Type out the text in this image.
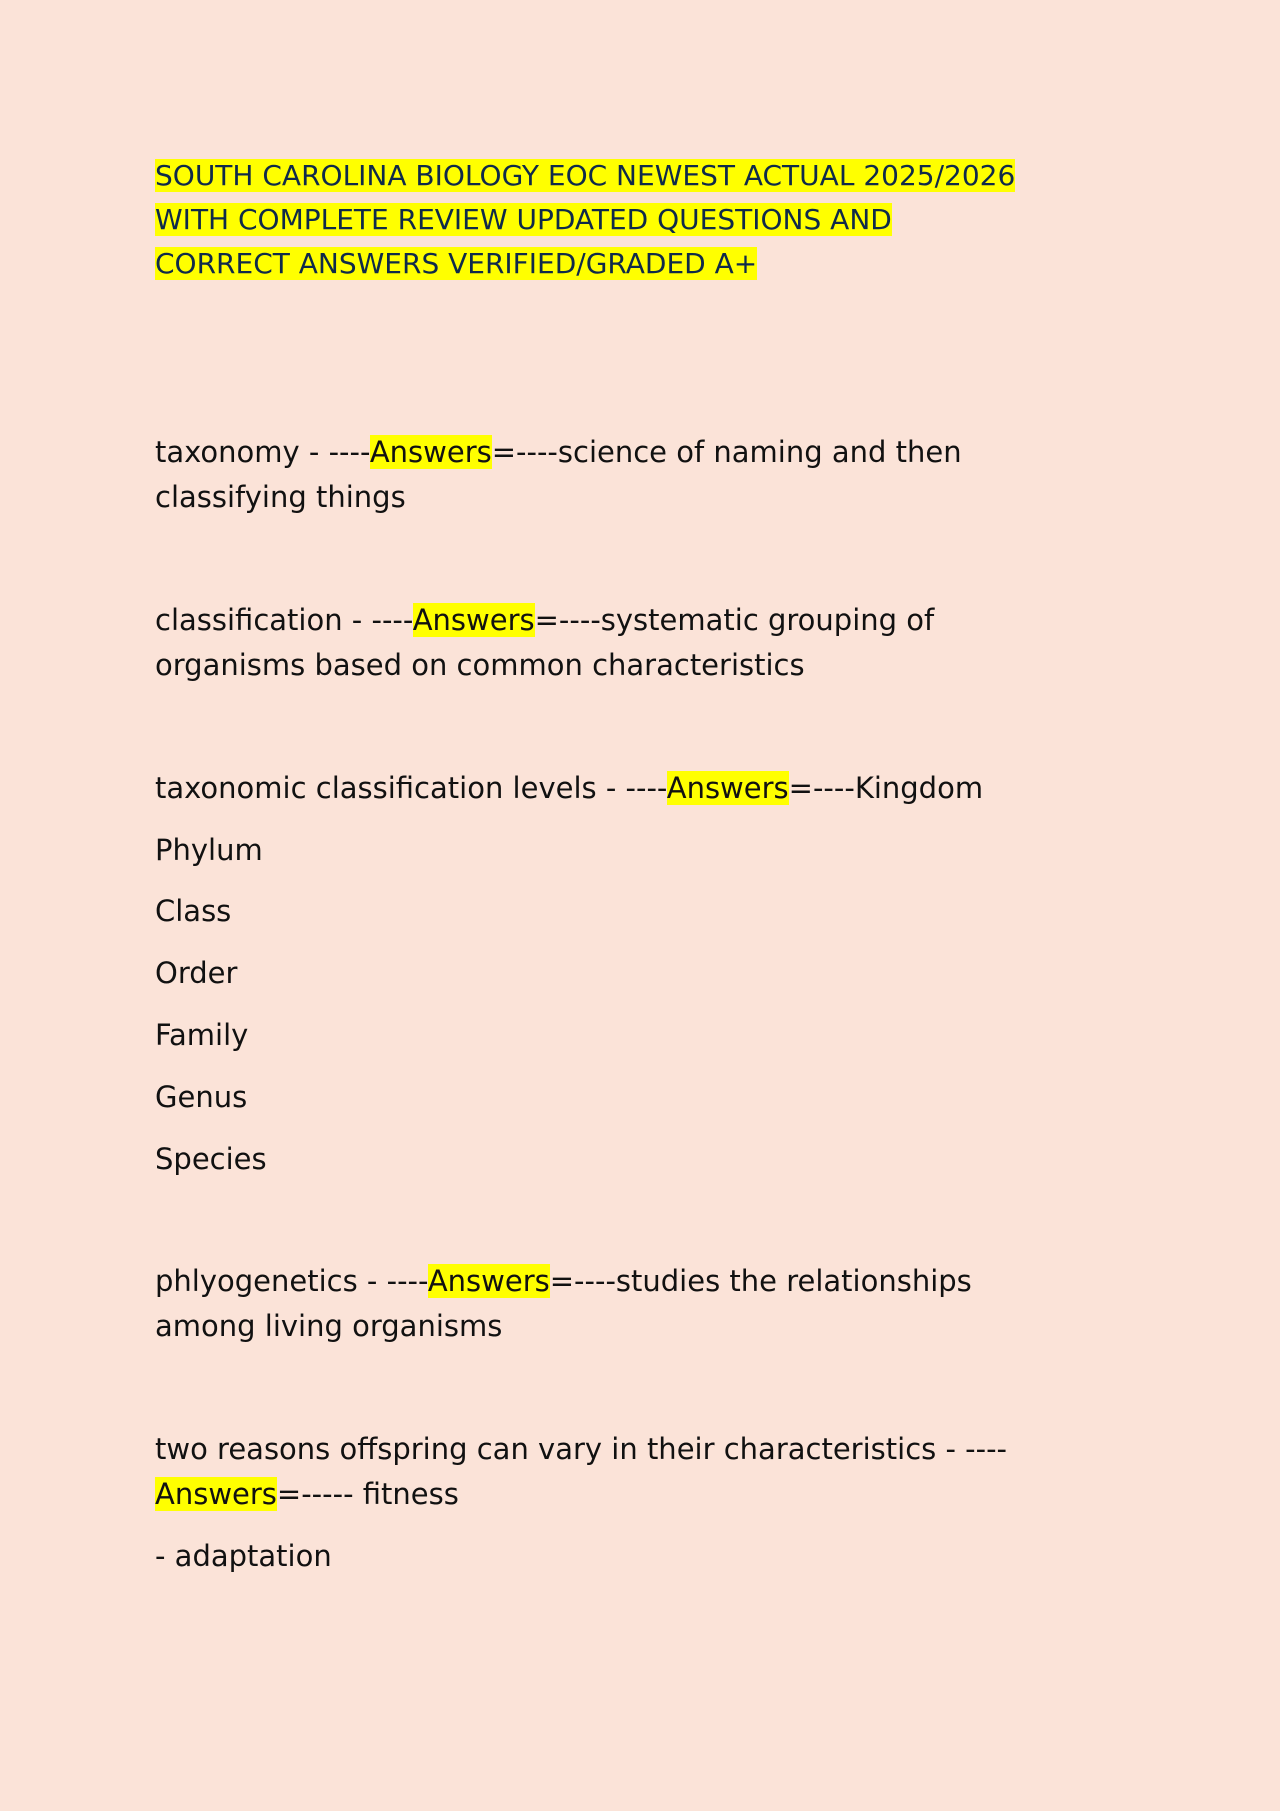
SOUTH CAROLINA BIOLOGY EOC NEWEST ACTUAL 2025/2026
WITH COMPLETE REVIEW UPDATED QUESTIONS AND
CORRECT ANSWERS VERIFIED/GRADED A+

taxonomy - ----Answers=----science of naming and then

classifying things

classification - ----Answers=----systematic grouping of

organisms based on common characteristics

taxonomic classification levels - ----Answers=----Kingdom

Phylum
Class
Order
Family
Genus
Species

phlyogenetics - ----Answers=----studies the relationships

among living organisms

two reasons offspring can vary in their characteristics - ----
Answers=----- fitness

- adaptation
